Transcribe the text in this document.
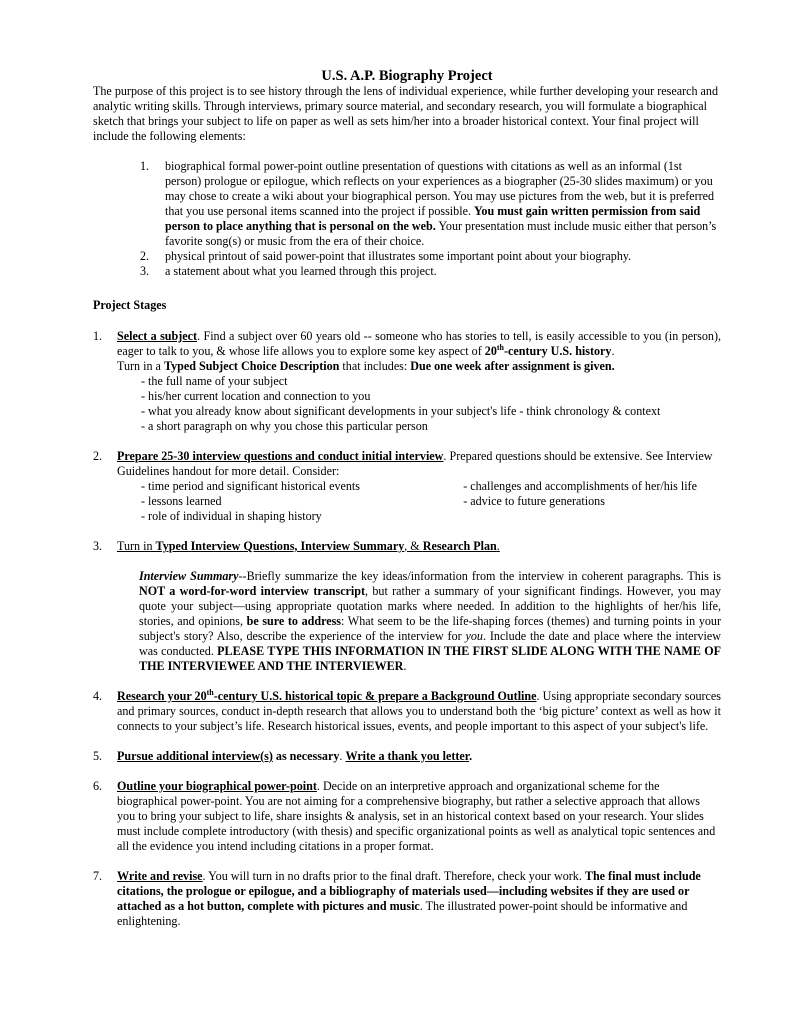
U.S. A.P. Biography Project

The purpose of this project is to see history through the lens of individual experience, while further developing your research and analytic writing skills. Through interviews, primary source material, and secondary research, you will formulate a biographical sketch that brings your subject to life on paper as well as sets him/her into a broader historical context. Your final project will include the following elements:

1. biographical formal power-point outline presentation of questions with citations as well as an informal (1st person) prologue or epilogue, which reflects on your experiences as a biographer (25-30 slides maximum) or you may chose to create a wiki about your biographical person. You may use pictures from the web, but it is preferred that you use personal items scanned into the project if possible. You must gain written permission from said person to place anything that is personal on the web. Your presentation must include music either that person’s favorite song(s) or music from the era of their choice.
2. physical printout of said power-point that illustrates some important point about your biography.
3. a statement about what you learned through this project.

Project Stages

1. Select a subject. Find a subject over 60 years old -- someone who has stories to tell, is easily accessible to you (in person), eager to talk to you, & whose life allows you to explore some key aspect of 20th-century U.S. history.

Turn in a Typed Subject Choice Description that includes: Due one week after assignment is given.

- the full name of your subject

- his/her current location and connection to you

- what you already know about significant developments in your subject's life - think chronology & context

- a short paragraph on why you chose this particular person

2. Prepare 25-30 interview questions and conduct initial interview. Prepared questions should be extensive. See Interview Guidelines handout for more detail. Consider:

- time period and significant historical events

- lessons learned

- role of individual in shaping history

- challenges and accomplishments of her/his life

- advice to future generations

3. Turn in Typed Interview Questions, Interview Summary, & Research Plan.

Interview Summary--Briefly summarize the key ideas/information from the interview in coherent paragraphs. This is NOT a word-for-word interview transcript, but rather a summary of your significant findings. However, you may quote your subject—using appropriate quotation marks where needed. In addition to the highlights of her/his life, stories, and opinions, be sure to address: What seem to be the life-shaping forces (themes) and turning points in your subject's story? Also, describe the experience of the interview for you. Include the date and place where the interview was conducted. PLEASE TYPE THIS INFORMATION IN THE FIRST SLIDE ALONG WITH THE NAME OF THE INTERVIEWEE AND THE INTERVIEWER.

4. Research your 20th-century U.S. historical topic & prepare a Background Outline. Using appropriate secondary sources and primary sources, conduct in-depth research that allows you to understand both the ‘big picture’ context as well as how it connects to your subject’s life. Research historical issues, events, and people important to this aspect of your subject's life.

5. Pursue additional interview(s) as necessary. Write a thank you letter.

6. Outline your biographical power-point. Decide on an interpretive approach and organizational scheme for the biographical power-point. You are not aiming for a comprehensive biography, but rather a selective approach that allows you to bring your subject to life, share insights & analysis, set in an historical context based on your research. Your slides must include complete introductory (with thesis) and specific organizational points as well as analytical topic sentences and all the evidence you intend including citations in a proper format.

7. Write and revise. You will turn in no drafts prior to the final draft. Therefore, check your work. The final must include citations, the prologue or epilogue, and a bibliography of materials used—including websites if they are used or attached as a hot button, complete with pictures and music. The illustrated power-point should be informative and enlightening.
